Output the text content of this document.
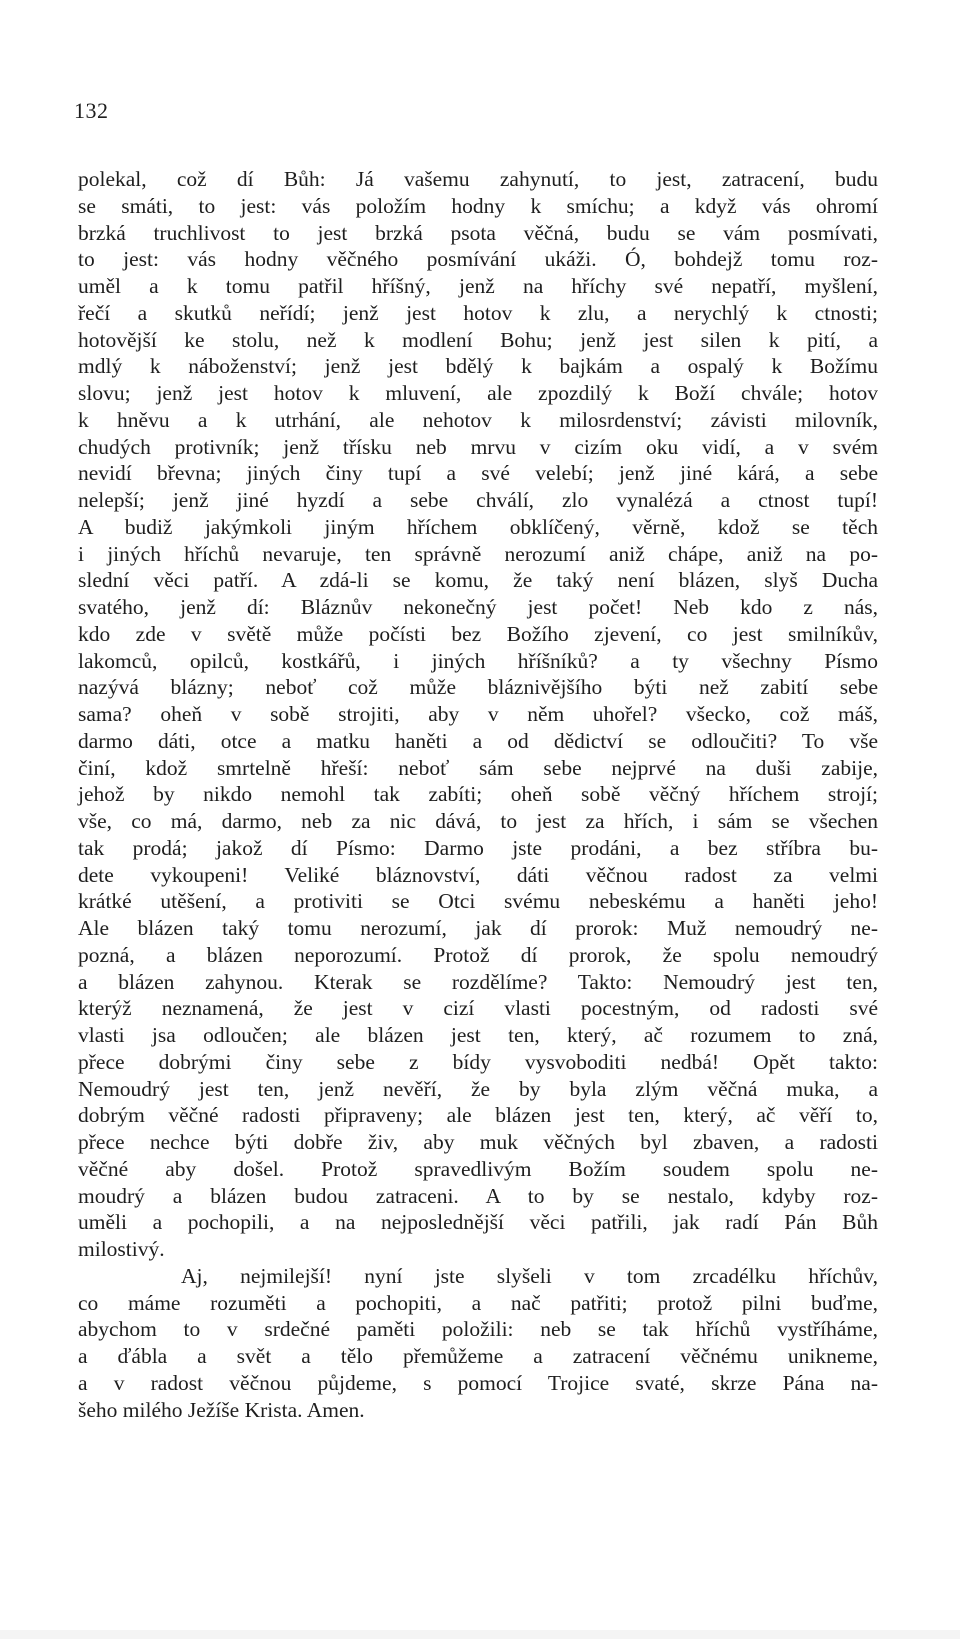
132
polekal, což dí Bůh: Já vašemu zahynutí, to jest, zatracení, budu
se smáti, to jest: vás položím hodny k smíchu; a když vás ohromí
brzká truchlivost to jest brzká psota věčná, budu se vám posmívati,
to jest: vás hodny věčného posmívání ukáži. Ó, bohdejž tomu roz-
uměl a k tomu patřil hříšný, jenž na hříchy své nepatří, myšlení,
řečí a skutků neřídí; jenž jest hotov k zlu, a nerychlý k ctnosti;
hotovější ke stolu, než k modlení Bohu; jenž jest silen k pití, a
mdlý k náboženství; jenž jest bdělý k bajkám a ospalý k Božímu
slovu; jenž jest hotov k mluvení, ale zpozdilý k Boží chvále; hotov
k hněvu a k utrhání, ale nehotov k milosrdenství; závisti milovník,
chudých protivník; jenž třísku neb mrvu v cizím oku vidí, a v svém
nevidí břevna; jiných činy tupí a své velebí; jenž jiné kárá, a sebe
nelepší; jenž jiné hyzdí a sebe chválí, zlo vynalézá a ctnost tupí!
A budiž jakýmkoli jiným hříchem obklíčený, věrně, kdož se těch
i jiných hříchů nevaruje, ten správně nerozumí aniž chápe, aniž na po-
slední věci patří. A zdá-li se komu, že taký není blázen, slyš Ducha
svatého, jenž dí: Bláznův nekonečný jest počet! Neb kdo z nás,
kdo zde v světě může počísti bez Božího zjevení, co jest smilníkův,
lakomců, opilců, kostkářů, i jiných hříšníků? a ty všechny Písmo
nazývá blázny; neboť což může bláznivějšího býti než zabití sebe
sama? oheň v sobě strojiti, aby v něm uhořel? všecko, což máš,
darmo dáti, otce a matku haněti a od dědictví se odloučiti? To vše
činí, kdož smrtelně hřeší: neboť sám sebe nejprvé na duši zabije,
jehož by nikdo nemohl tak zabíti; oheň sobě věčný hříchem strojí;
vše, co má, darmo, neb za nic dává, to jest za hřích, i sám se všechen
tak prodá; jakož dí Písmo: Darmo jste prodáni, a bez stříbra bu-
dete vykoupeni! Veliké bláznovství, dáti věčnou radost za velmi
krátké utěšení, a protiviti se Otci svému nebeskému a haněti jeho!
Ale blázen taký tomu nerozumí, jak dí prorok: Muž nemoudrý ne-
pozná, a blázen neporozumí. Protož dí prorok, že spolu nemoudrý
a blázen zahynou. Kterak se rozdělíme? Takto: Nemoudrý jest ten,
kterýž neznamená, že jest v cizí vlasti pocestným, od radosti své
vlasti jsa odloučen; ale blázen jest ten, který, ač rozumem to zná,
přece dobrými činy sebe z bídy vysvoboditi nedbá! Opět takto:
Nemoudrý jest ten, jenž nevěří, že by byla zlým věčná muka, a
dobrým věčné radosti připraveny; ale blázen jest ten, který, ač věří to,
přece nechce býti dobře živ, aby muk věčných byl zbaven, a radosti
věčné aby došel. Protož spravedlivým Božím soudem spolu ne-
moudrý a blázen budou zatraceni. A to by se nestalo, kdyby roz-
uměli a pochopili, a na nejposlednější věci patřili, jak radí Pán Bůh
milostivý.
Aj, nejmilejší! nyní jste slyšeli v tom zrcadélku hříchův,
co máme rozuměti a pochopiti, a nač patřiti; protož pilni buďme,
abychom to v srdečné paměti položili: neb se tak hříchů vystříháme,
a ďábla a svět a tělo přemůžeme a zatracení věčnému unikneme,
a v radost věčnou půjdeme, s pomocí Trojice svaté, skrze Pána na-
šeho milého Ježíše Krista. Amen.
